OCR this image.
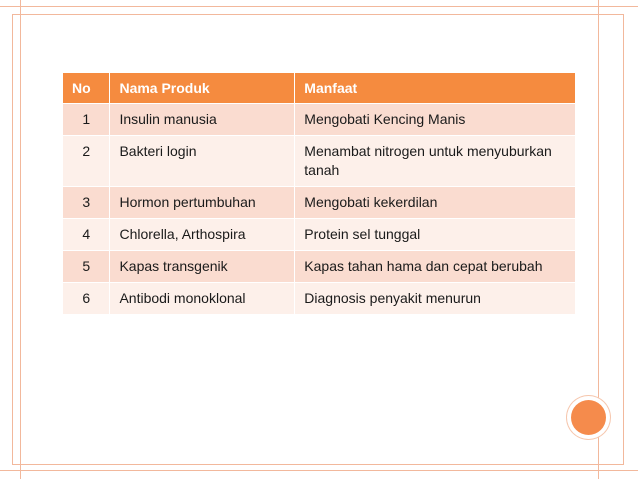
No	Nama Produk	Manfaat
1	Insulin manusia	Mengobati Kencing Manis
2	Bakteri login	Menambat nitrogen untuk menyuburkan tanah
3	Hormon pertumbuhan	Mengobati kekerdilan
4	Chlorella, Arthospira	Protein sel tunggal
5	Kapas transgenik	Kapas tahan hama dan cepat berubah
6	Antibodi monoklonal	Diagnosis penyakit menurun
